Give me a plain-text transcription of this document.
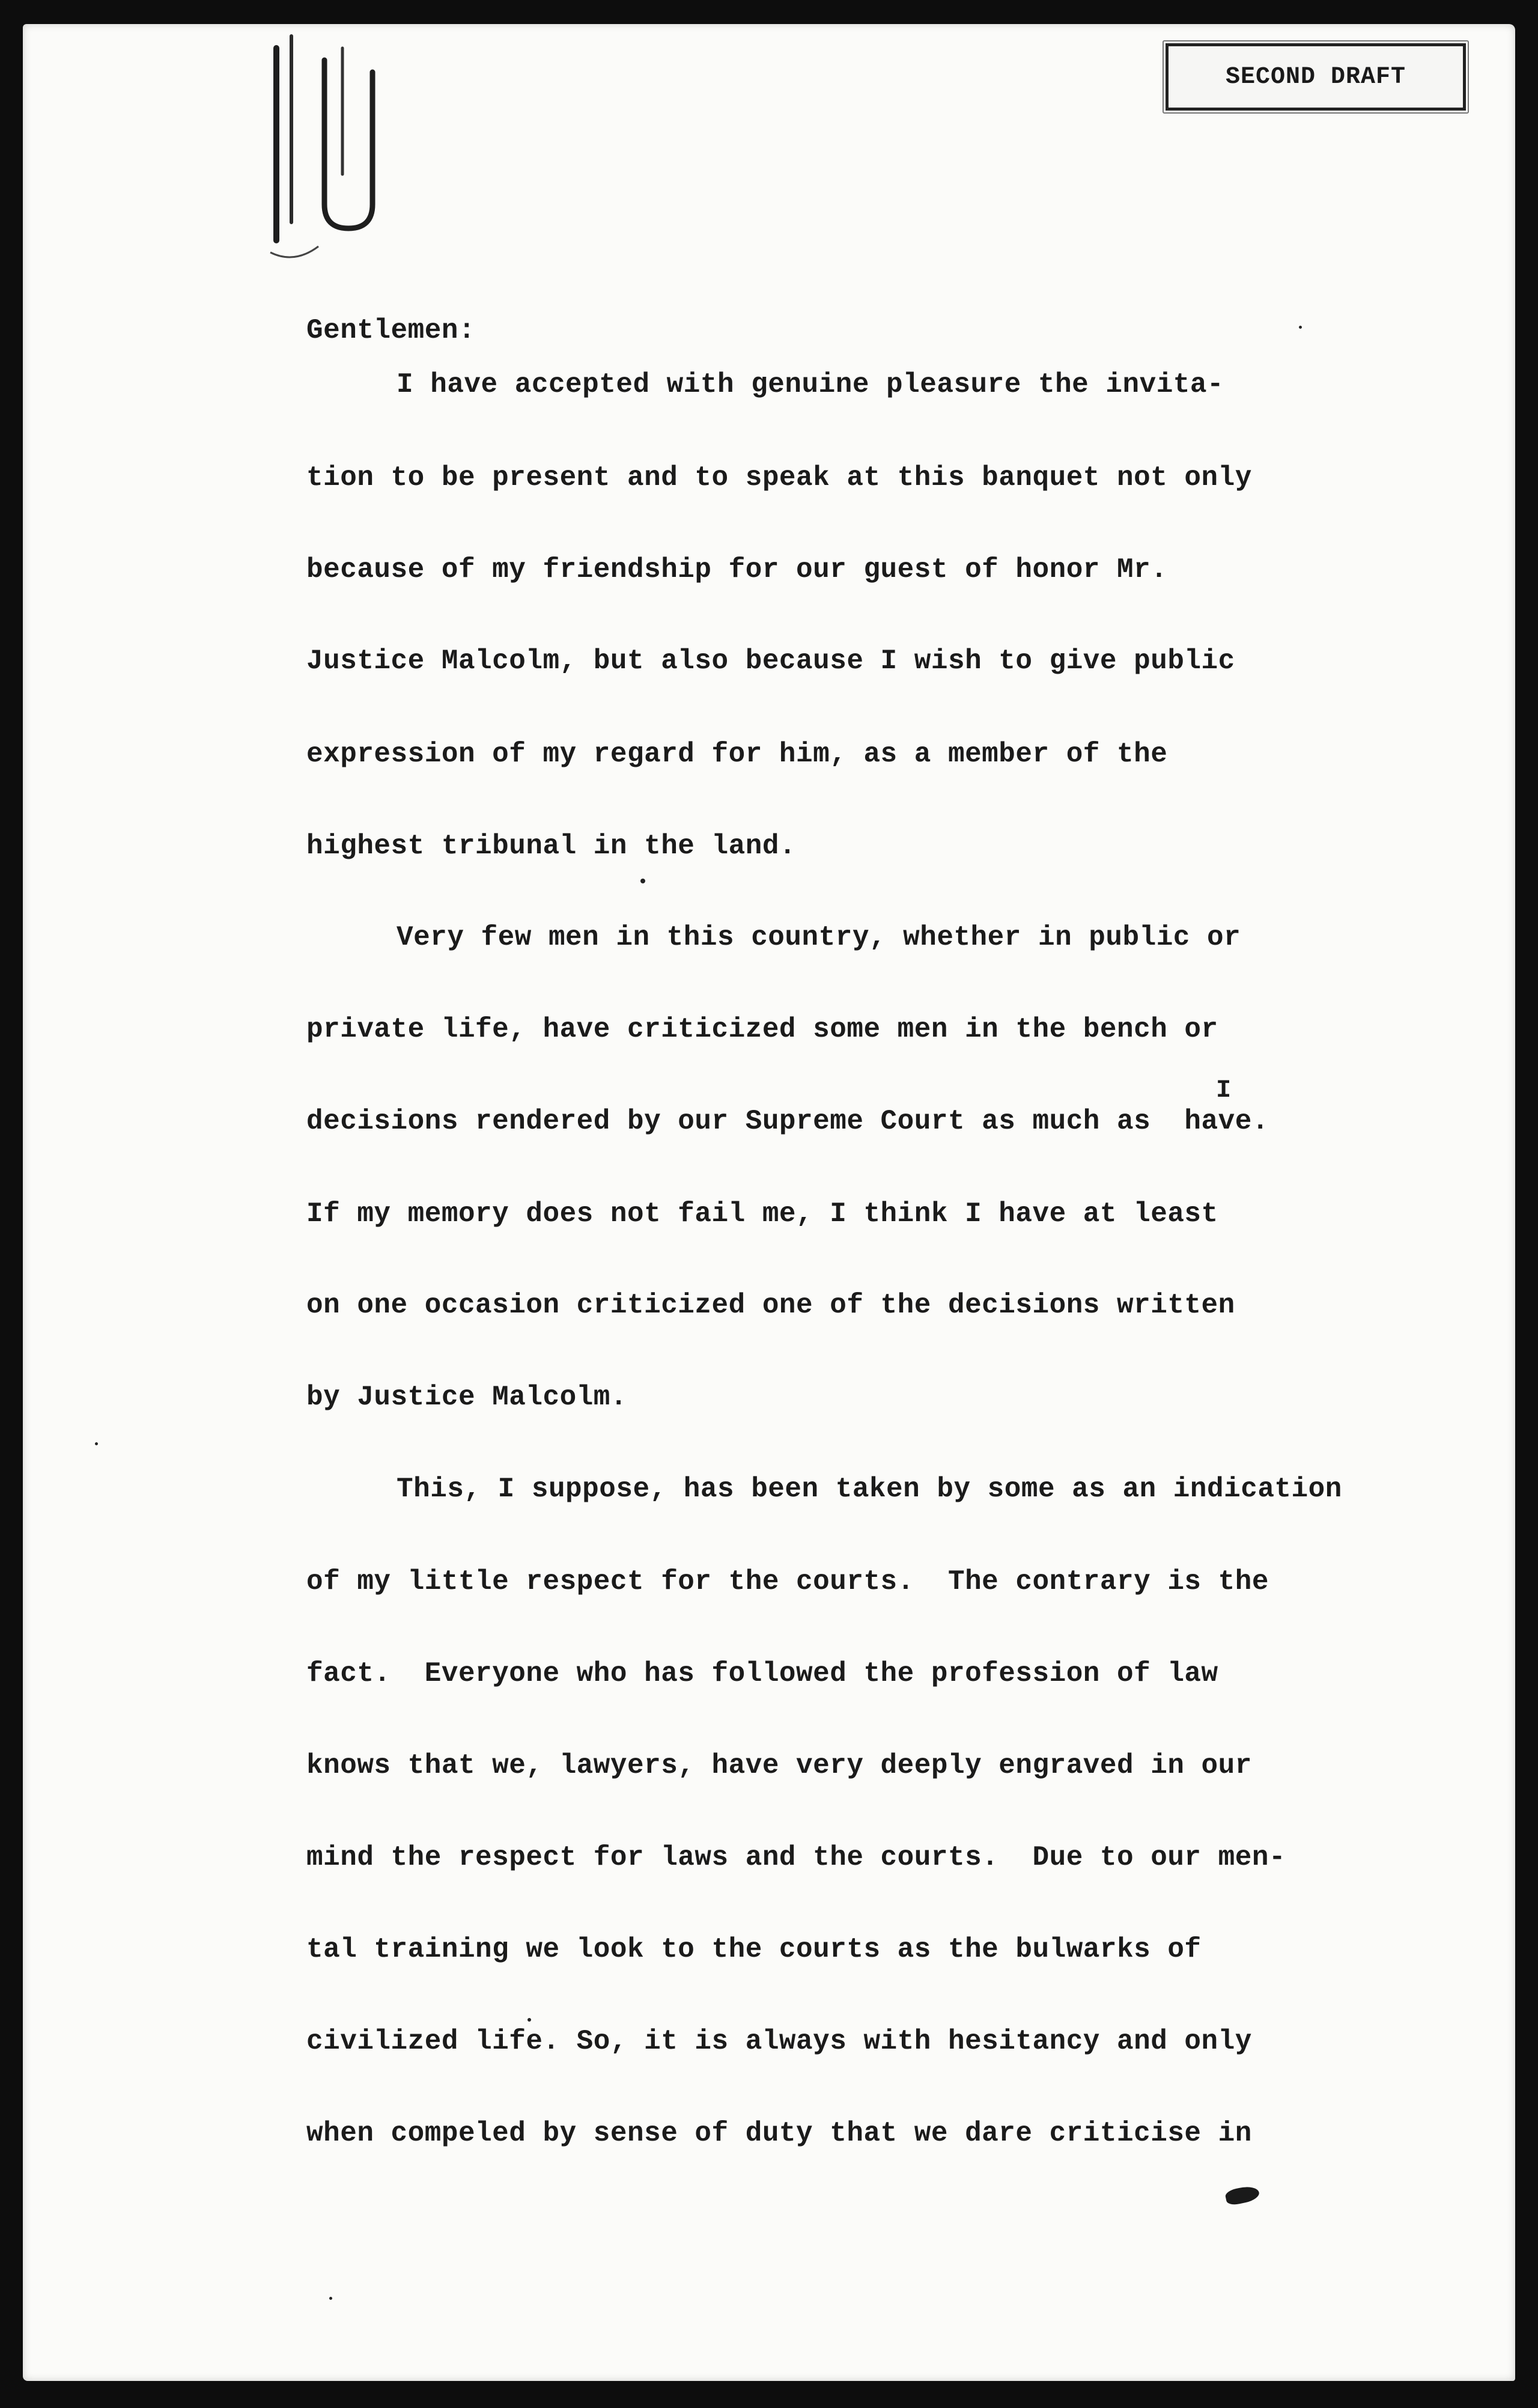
SECOND DRAFT
Gentlemen:
I have accepted with genuine pleasure the invita-
tion to be present and to speak at this banquet not only
because of my friendship for our guest of honor Mr.
Justice Malcolm, but also because I wish to give public
expression of my regard for him, as a member of the
highest tribunal in the land.
Very few men in this country, whether in public or
private life, have criticized some men in the bench or
decisions rendered by our Supreme Court as much as  have.
If my memory does not fail me, I think I have at least
on one occasion criticized one of the decisions written
by Justice Malcolm.
This, I suppose, has been taken by some as an indication
of my little respect for the courts.  The contrary is the
fact.  Everyone who has followed the profession of law
knows that we, lawyers, have very deeply engraved in our
mind the respect for laws and the courts.  Due to our men-
tal training we look to the courts as the bulwarks of
civilized life. So, it is always with hesitancy and only
when compeled by sense of duty that we dare criticise in
I
